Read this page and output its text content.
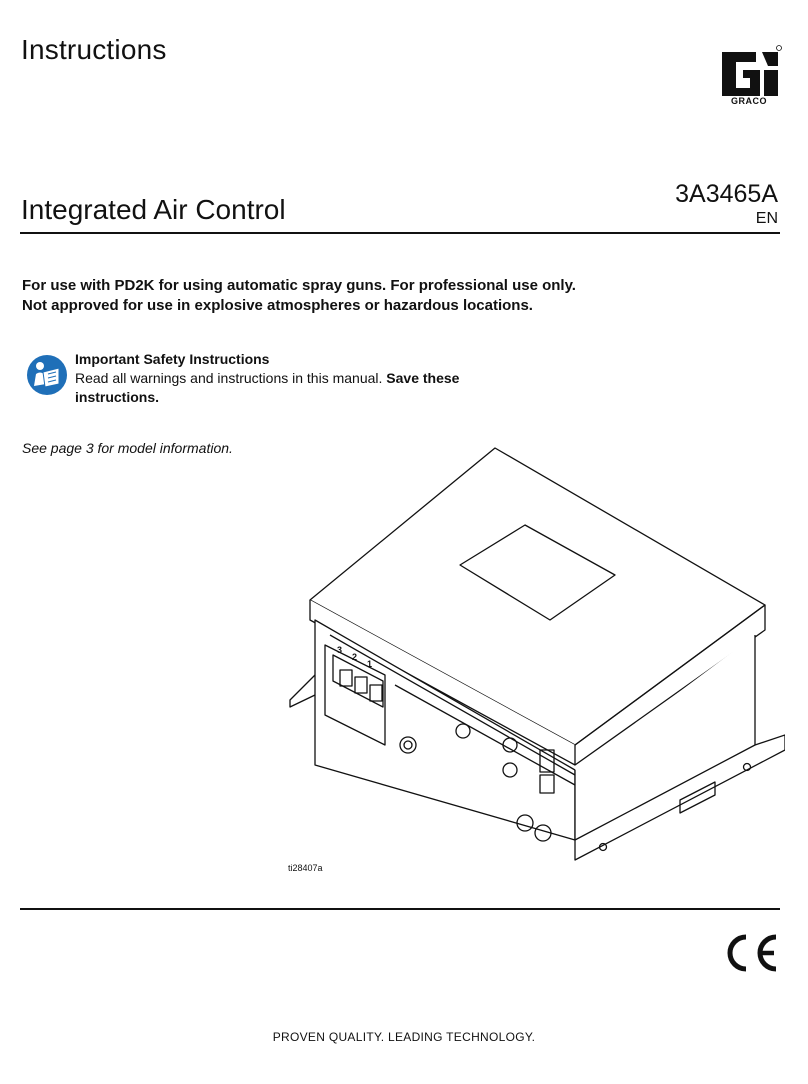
Instructions
GRACO
Integrated Air Control	3A3465A
EN
For use with PD2K for using automatic spray guns. For professional use only.
Not approved for use in explosive atmospheres or hazardous locations.
Important Safety Instructions
Read all warnings and instructions in this manual. Save these instructions.
See page 3 for model information.
3
2
1
ti28407a
PROVEN QUALITY. LEADING TECHNOLOGY.
